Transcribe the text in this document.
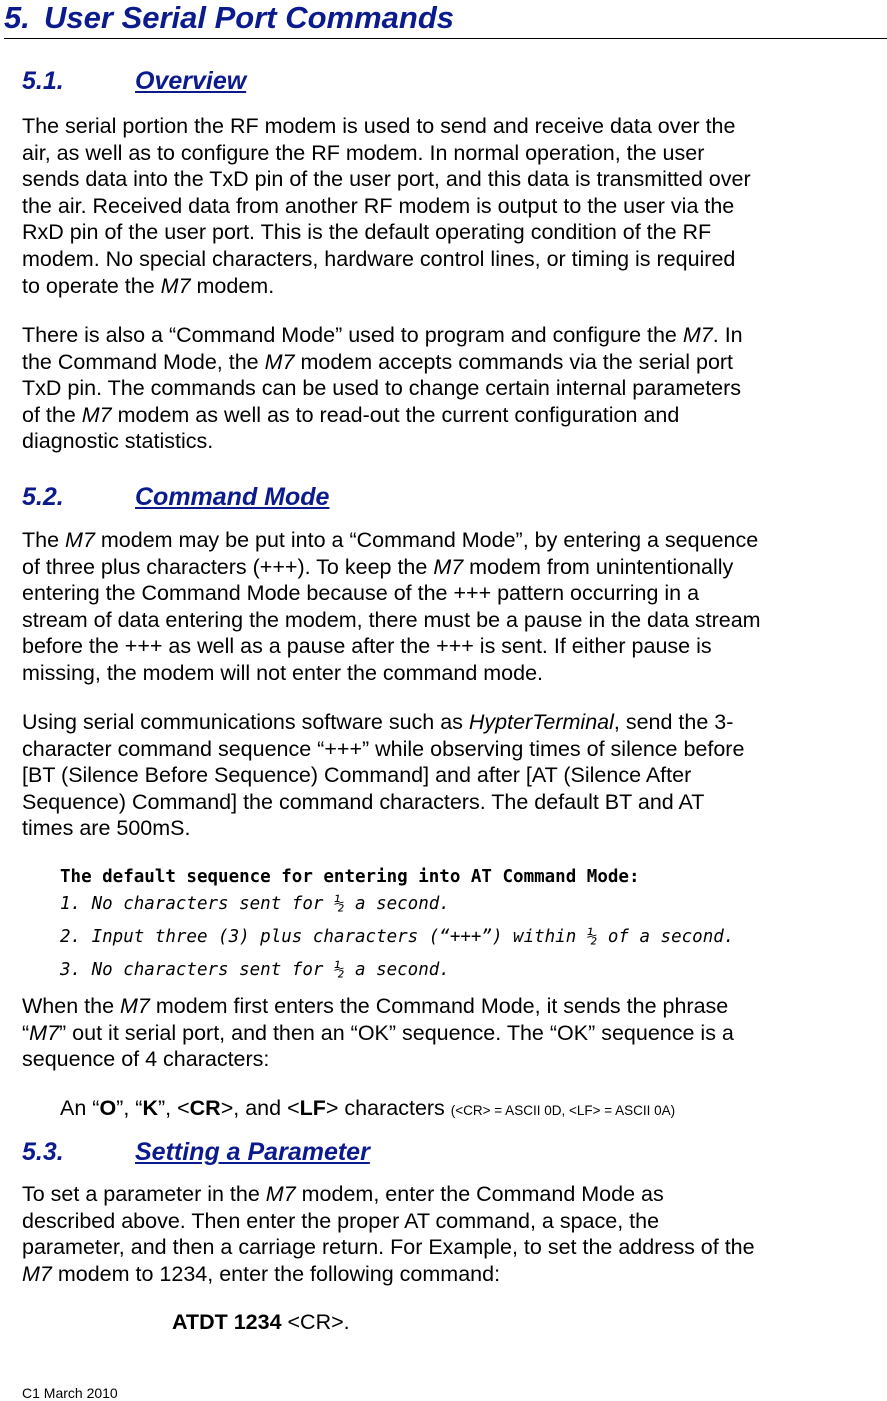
5. User Serial Port Commands
5.1.	Overview
The serial portion the RF modem is used to send and receive data over the
air, as well as to configure the RF modem. In normal operation, the user
sends data into the TxD pin of the user port, and this data is transmitted over
the air. Received data from another RF modem is output to the user via the
RxD pin of the user port. This is the default operating condition of the RF
modem. No special characters, hardware control lines, or timing is required
to operate the M7 modem.
There is also a “Command Mode” used to program and configure the M7. In
the Command Mode, the M7 modem accepts commands via the serial port
TxD pin. The commands can be used to change certain internal parameters
of the M7 modem as well as to read-out the current configuration and
diagnostic statistics.
5.2.	Command Mode
The M7 modem may be put into a “Command Mode”, by entering a sequence
of three plus characters (+++). To keep the M7 modem from unintentionally
entering the Command Mode because of the +++ pattern occurring in a
stream of data entering the modem, there must be a pause in the data stream
before the +++ as well as a pause after the +++ is sent. If either pause is
missing, the modem will not enter the command mode.
Using serial communications software such as HypterTerminal, send the 3-
character command sequence “+++” while observing times of silence before
[BT (Silence Before Sequence) Command] and after [AT (Silence After
Sequence) Command] the command characters. The default BT and AT
times are 500mS.
The default sequence for entering into AT Command Mode:
1. No characters sent for ½ a second.
2. Input three (3) plus characters (“+++”) within ½ of a second.
3. No characters sent for ½ a second.
When the M7 modem first enters the Command Mode, it sends the phrase
“M7” out it serial port, and then an “OK” sequence. The “OK” sequence is a
sequence of 4 characters:
An “O”, “K”, <CR>, and <LF> characters (<CR> = ASCII 0D, <LF> = ASCII 0A)
5.3.	Setting a Parameter
To set a parameter in the M7 modem, enter the Command Mode as
described above. Then enter the proper AT command, a space, the
parameter, and then a carriage return. For Example, to set the address of the
M7 modem to 1234, enter the following command:
ATDT 1234 <CR>.
C1 March 2010
